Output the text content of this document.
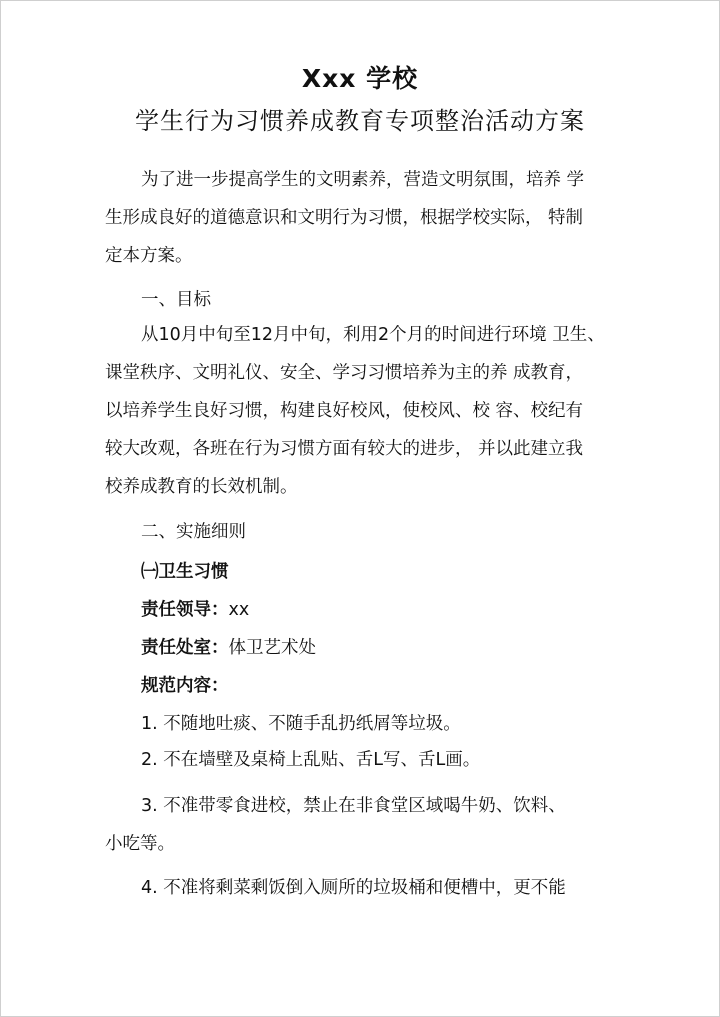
Xxx 学校
学生行为习惯养成教育专项整治活动方案
为了进一步提高学生的文明素养，营造文明氛围，培养 学
生形成良好的道德意识和文明行为习惯，根据学校实际， 特制
定本方案。
一、目标
从10月中旬至12月中旬，利用2个月的时间进行环境 卫生、
课堂秩序、文明礼仪、安全、学习习惯培养为主的养 成教育，
以培养学生良好习惯，构建良好校风，使校风、校 容、校纪有
较大改观，各班在行为习惯方面有较大的进步， 并以此建立我
校养成教育的长效机制。
二、实施细则
㈠卫生习惯
责任领导：xx
责任处室：体卫艺术处
规范内容：
1. 不随地吐痰、不随手乱扔纸屑等垃圾。
2. 不在墙壁及桌椅上乱贴、舌L写、舌L画。
3. 不准带零食进校，禁止在非食堂区域喝牛奶、饮料、
小吃等。
4. 不准将剩菜剩饭倒入厕所的垃圾桶和便槽中，更不能
